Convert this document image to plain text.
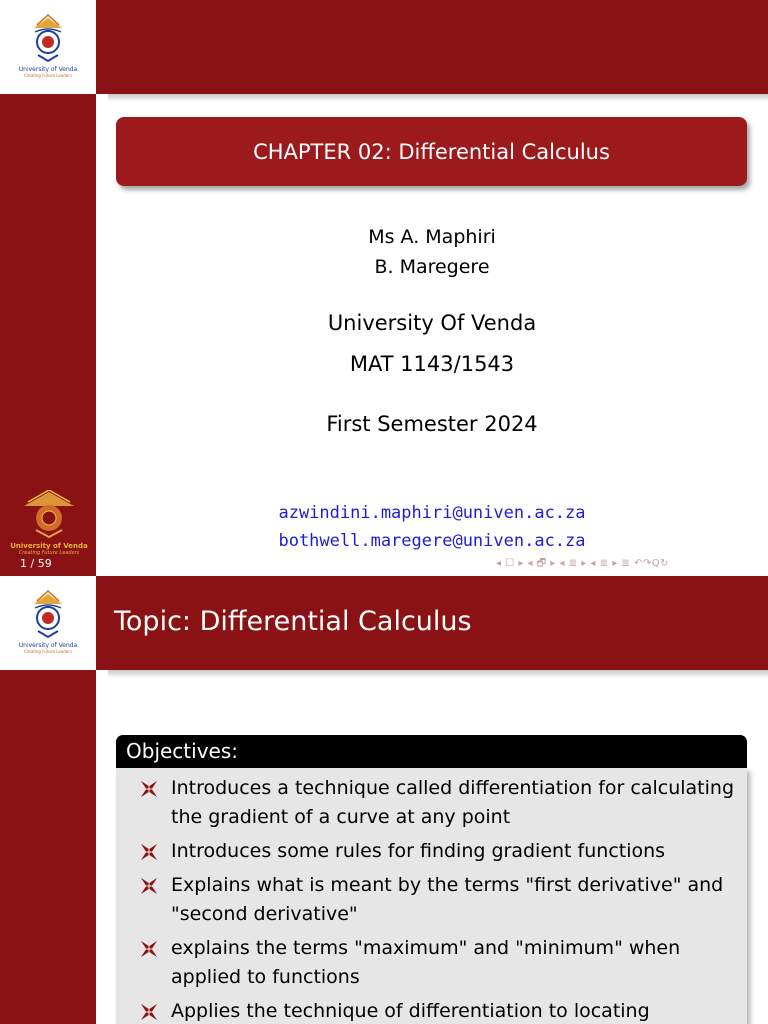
University of Venda
Creating Future Leaders
CHAPTER 02: Differential Calculus
Ms A. Maphiri
B. Maregere
University Of Venda
MAT 1143/1543
First Semester 2024
azwindini.maphiri@univen.ac.za
bothwell.maregere@univen.ac.za
University of Venda
Creating Future Leaders
1 / 59	◂ ☐ ▸ ◂ 🗗 ▸ ◂ ≣ ▸ ◂ ≣ ▸ ≣ ↶↷Q↻
University of Venda
Creating Future Leaders
Topic: Differential Calculus
Objectives:
Introduces a technique called differentiation for calculating the gradient of a curve at any point
Introduces some rules for finding gradient functions
Explains what is meant by the terms "first derivative" and "second derivative"
explains the terms "maximum" and "minimum" when applied to functions
Applies the technique of differentiation to locating
